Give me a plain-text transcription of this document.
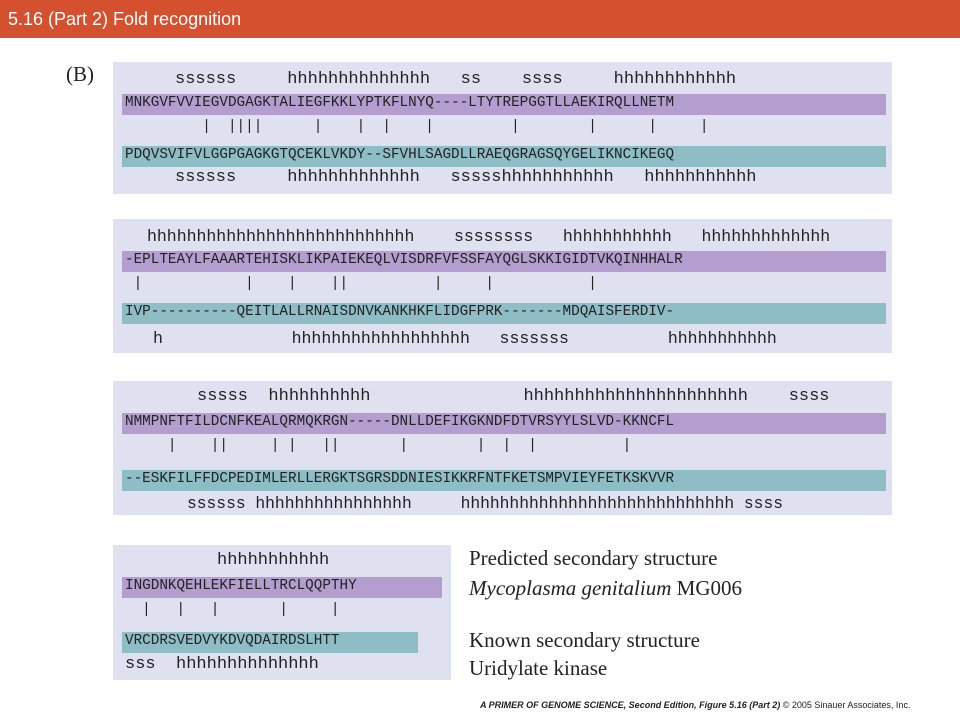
5.16 (Part 2) Fold recognition
(B)	ssssss     hhhhhhhhhhhhhh   ss    ssss     hhhhhhhhhhhh
MNKGVFVVIEGVDGAGKTALIEGFKKLYPTKFLNYQ----LTYTREPGGTLLAEKIRQLLNETM
|  ||||      |    |  |    |         |        |      |     |
PDQVSVIFVLGGPGAGKGTQCEKLVKDY--SFVHLSAGDLLRAEQGRAGSQYGELIKNCIKEGQ
ssssss     hhhhhhhhhhhhh   ssssshhhhhhhhhhh   hhhhhhhhhhh
hhhhhhhhhhhhhhhhhhhhhhhhhhh    ssssssss   hhhhhhhhhhh   hhhhhhhhhhhhh
-EPLTEAYLFAAARTEHISKLIKPAIEKEQLVISDRFVFSSFAYQGLSKKIGIDTVKQINHHALR
|            |    |    ||          |     |           |
IVP----------QEITLALLRNAISDNVKANKHKFLIDGFPRK-------MDQAISFERDIV-
h             hhhhhhhhhhhhhhhhhh   sssssss          hhhhhhhhhhh
sssss  hhhhhhhhhh               hhhhhhhhhhhhhhhhhhhhhh    ssss
NMMPNFTFILDCNFKEALQRMQKRGN-----DNLLDEFIKGKNDFDTVRSYYLSLVD-KKNCFL
|    ||     | |   ||       |        |  |  |          |
--ESKFILFFDCPEDIMLERLLERGKTSGRSDDNIESIKKRFNTFKETSMPVIEYFETKSKVVR
ssssss hhhhhhhhhhhhhhhh     hhhhhhhhhhhhhhhhhhhhhhhhhhhh ssss
hhhhhhhhhhh
INGDNKQEHLEKFIELLTRCLQQPTHY
|   |   |       |     |
VRCDRSVEDVYKDVQDAIRDSLHTT
sss  hhhhhhhhhhhhhh
Predicted secondary structure
Mycoplasma genitalium MG006
Known secondary structure
Uridylate kinase
A PRIMER OF GENOME SCIENCE, Second Edition, Figure 5.16 (Part 2) © 2005 Sinauer Associates, Inc.
